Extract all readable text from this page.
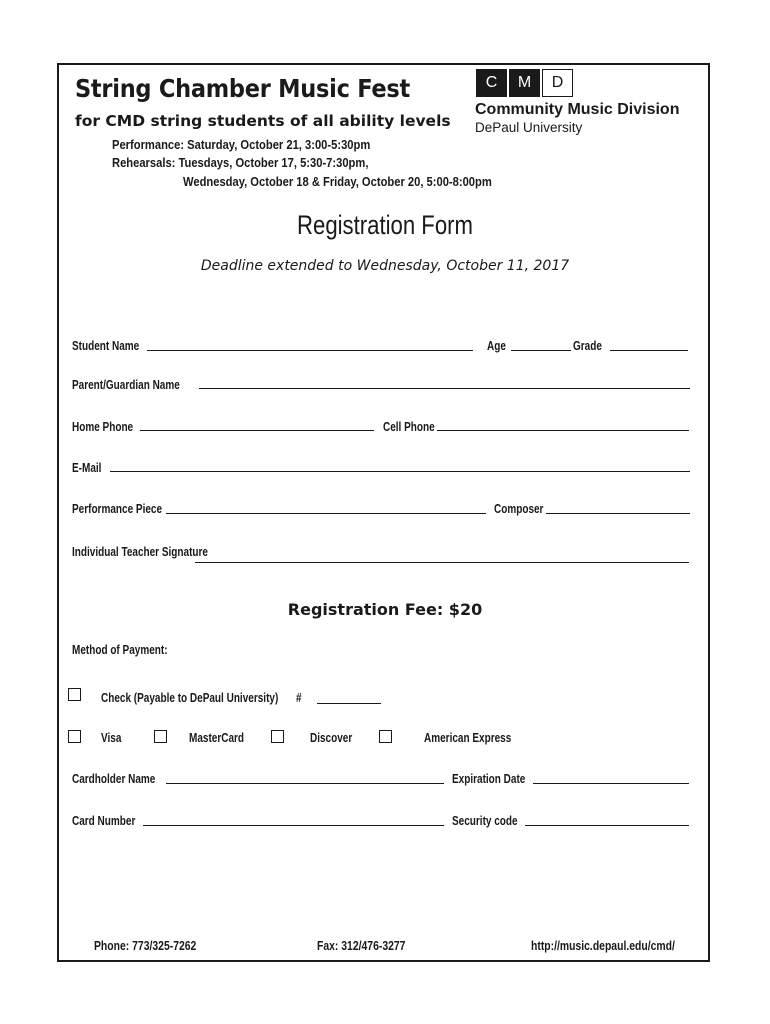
String Chamber Music Fest
for CMD string students of all ability levels
Performance: Saturday, October 21, 3:00-5:30pm
Rehearsals: Tuesdays, October 17, 5:30-7:30pm,
Wednesday, October 18 & Friday, October 20, 5:00-8:00pm
C	M	D
Community Music Division
DePaul University
Registration Form
Deadline extended to Wednesday, October 11, 2017
Student Name	Age	Grade
Parent/Guardian Name
Home Phone	Cell Phone
E-Mail
Performance Piece	Composer
Individual Teacher Signature
Registration Fee: $20
Method of Payment:
Check (Payable to DePaul University) #
Visa	MasterCard	Discover	American Express
Cardholder Name	Expiration Date
Card Number	Security code
Phone: 773/325-7262	Fax: 312/476-3277	http://music.depaul.edu/cmd/
